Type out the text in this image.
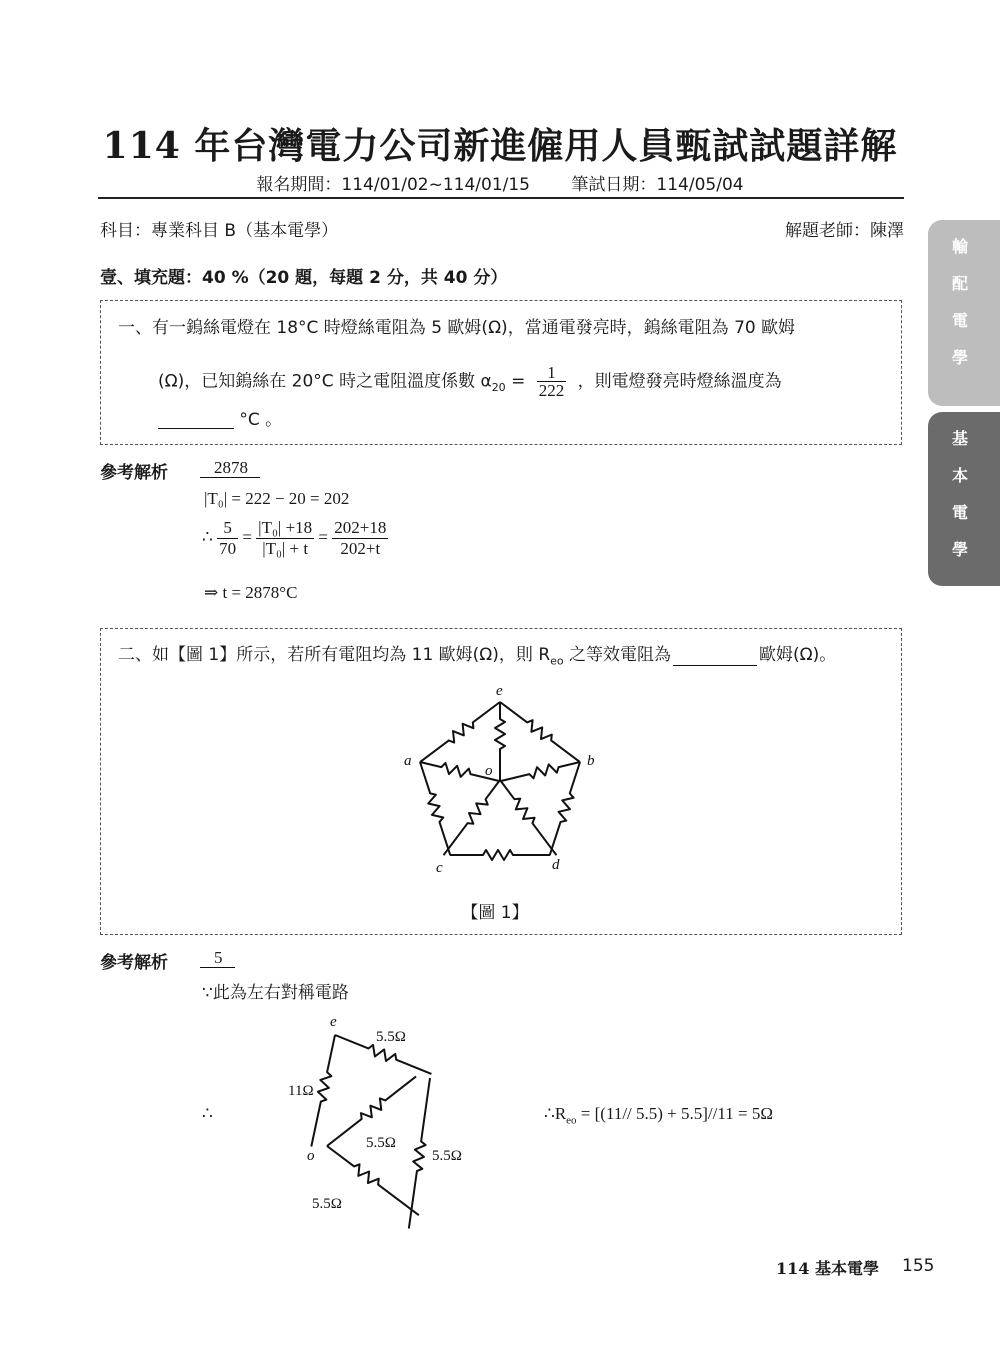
114 年台灣電力公司新進僱用人員甄試試題詳解
報名期間：114/01/02~114/01/15 筆試日期：114/05/04
科目：專業科目 B（基本電學）	解題老師：陳澤
壹、填充題：40 %（20 題，每題 2 分，共 40 分）
輸
配
電
學
基
本
電
學
一、有一鎢絲電燈在 18°C 時燈絲電阻為 5 歐姆(Ω)，當通電發亮時，鎢絲電阻為 70 歐姆
(Ω)，已知鎢絲在 20°C 時之電阻溫度係數 $\alpha_{20} = \frac{1}{222}$ ，則電燈發亮時燈絲溫度為
°C 。
參考解析	2878
|T₀| = 222 − 20 = 202
∴ $\frac{5}{70} = \frac{\text{|T₀| +18}}{\text{|T₀| + t}} = \frac{202+18}{202+t}$
⇒ t = 2878°C
二、如【圖 1】所示，若所有電阻均為 11 歐姆(Ω)，則 $R_{eo}$ 之等效電阻為	歐姆(Ω)。
e
a	b
o
c	d
【圖 1】
參考解析	5
∵此為左右對稱電路
∴
e
o
5.5Ω
11Ω
5.5Ω
5.5Ω
5.5Ω
$\therefore R_{eo} = [(11//$ 5.5) + 5.5]//11 = 5Ω
114 基本電學 155
